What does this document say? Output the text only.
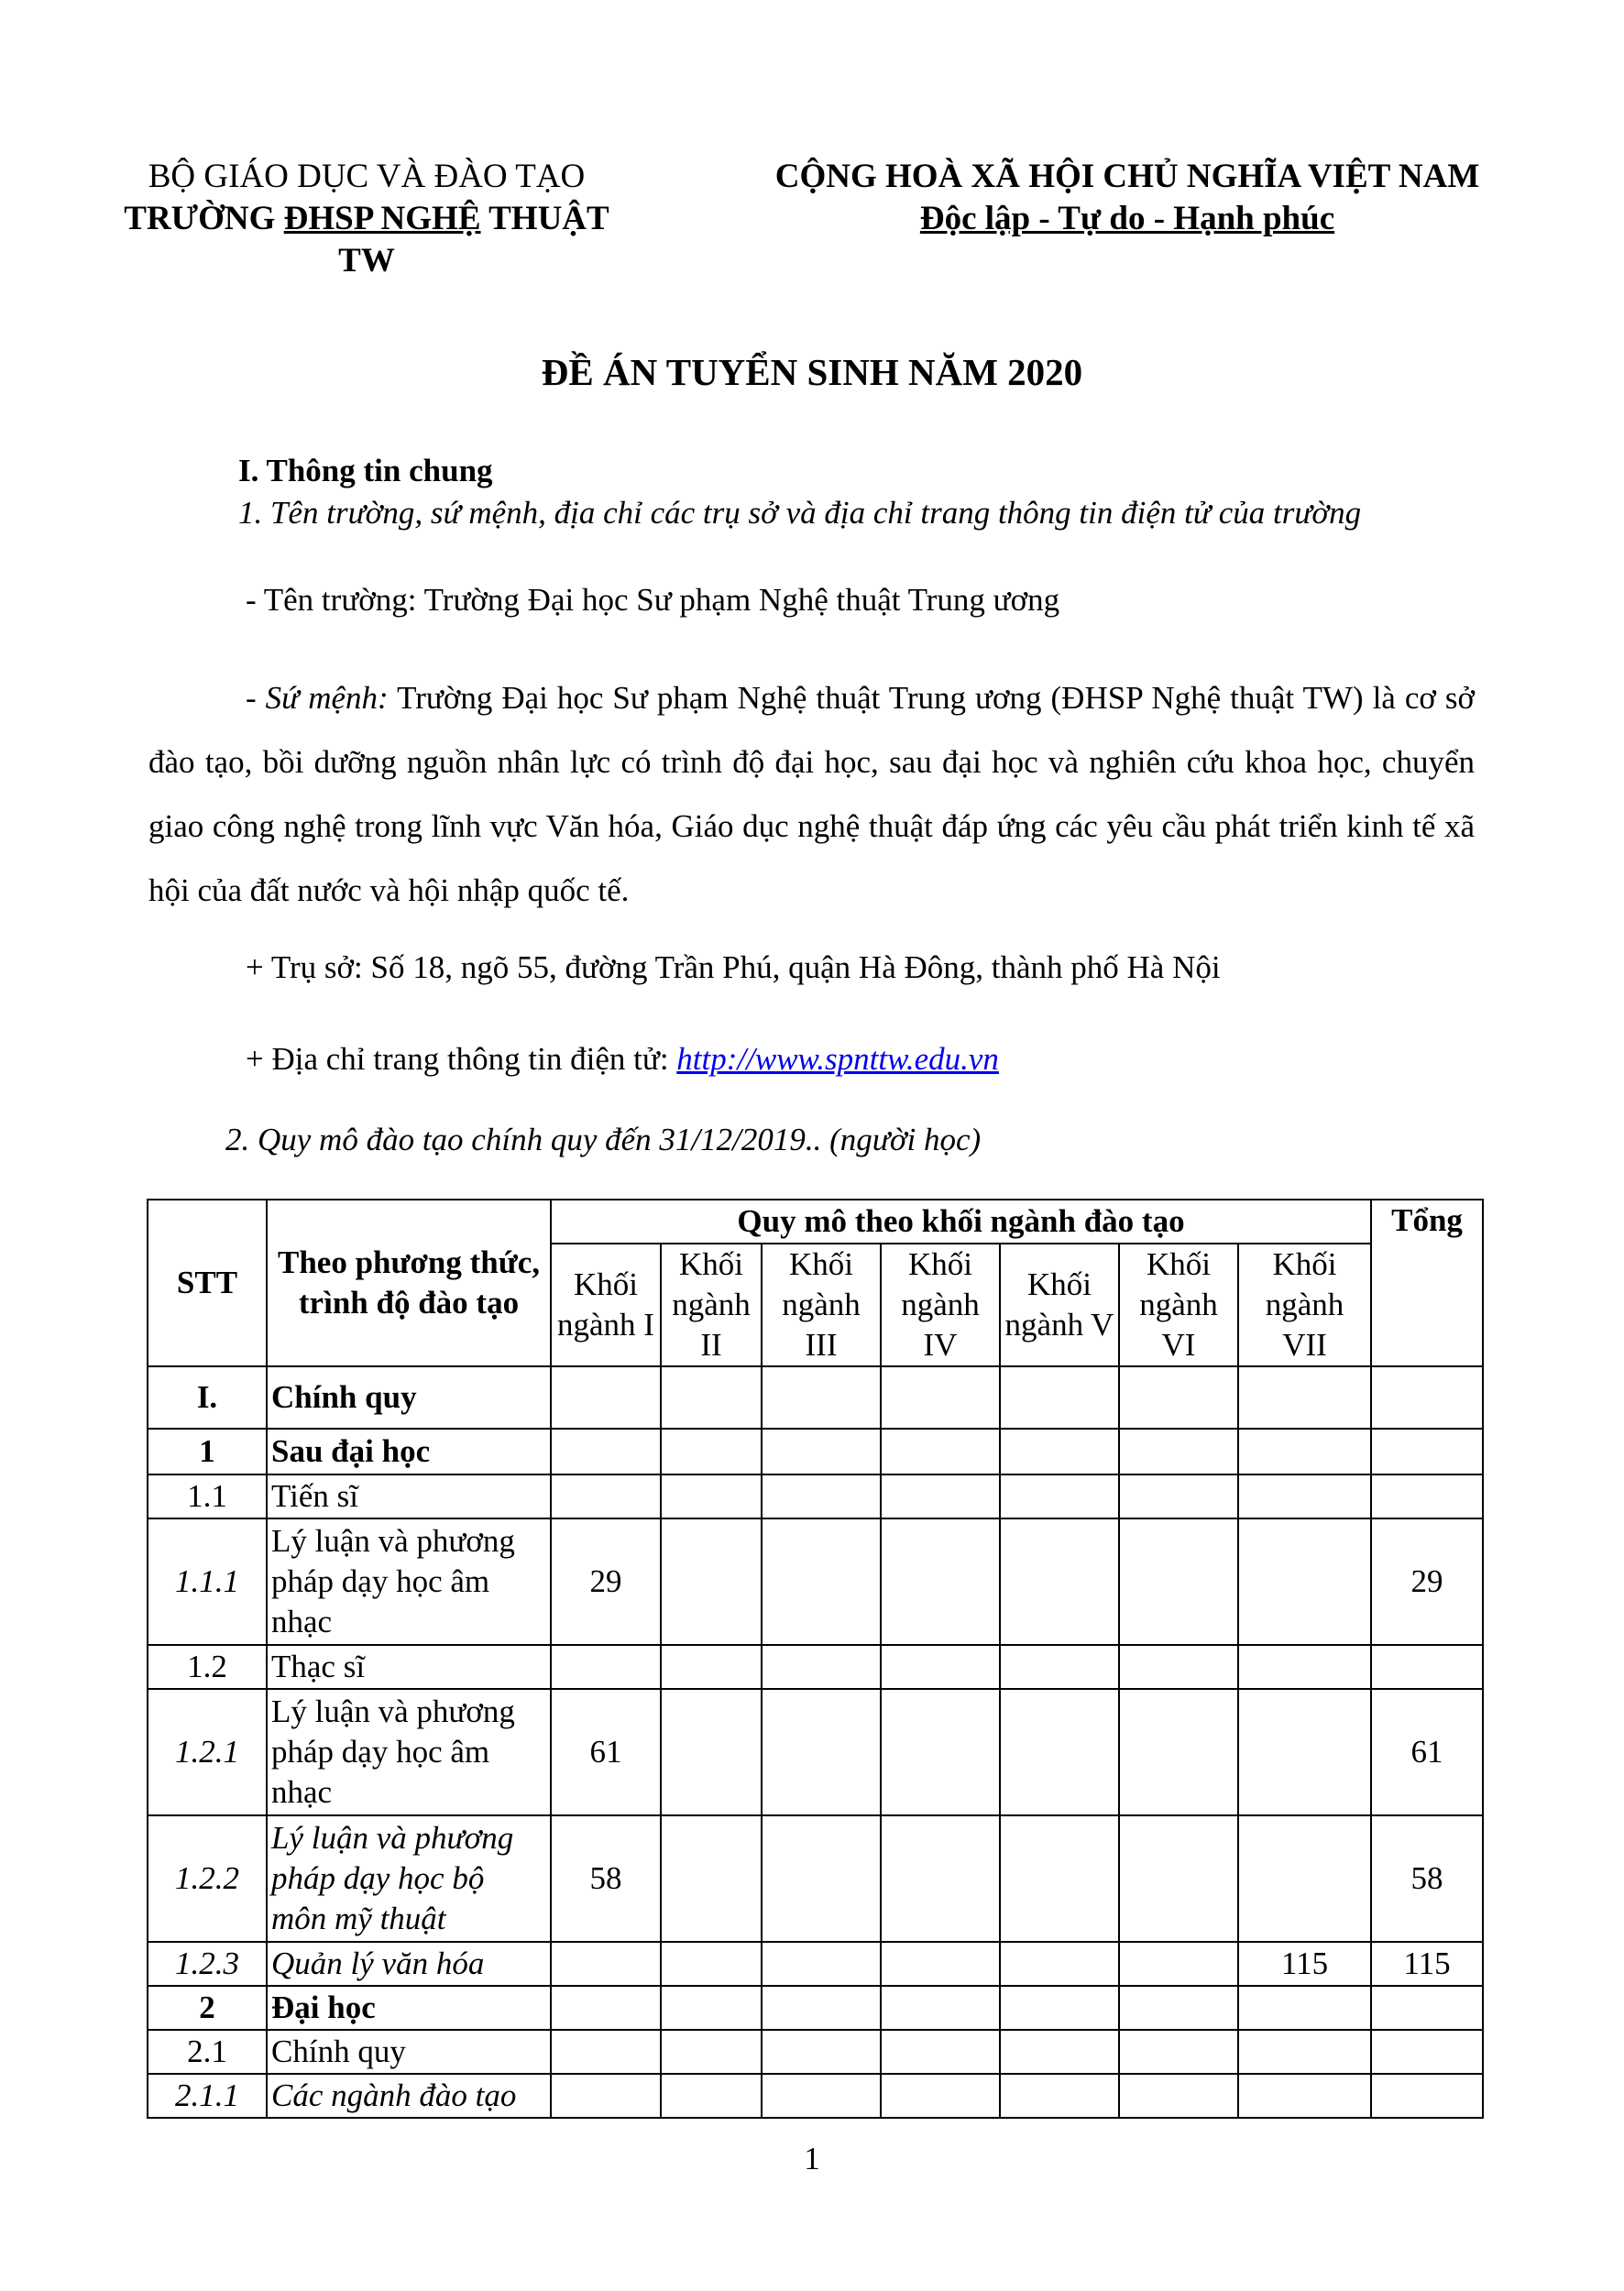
BỘ GIÁO DỤC VÀ ĐÀO TẠO
TRƯỜNG ĐHSP NGHỆ THUẬT TW
CỘNG HOÀ XÃ HỘI CHỦ NGHĨA VIỆT NAM
Độc lập - Tự do - Hạnh phúc
ĐỀ ÁN TUYỂN SINH NĂM 2020
I. Thông tin chung
1. Tên trường, sứ mệnh, địa chỉ các trụ sở và địa chỉ trang thông tin điện tử của trường
- Tên trường: Trường Đại học Sư phạm Nghệ thuật Trung ương
- Sứ mệnh: Trường Đại học Sư phạm Nghệ thuật Trung ương (ĐHSP Nghệ thuật TW) là cơ sở đào tạo, bồi dưỡng nguồn nhân lực có trình độ đại học, sau đại học và nghiên cứu khoa học, chuyển giao công nghệ trong lĩnh vực Văn hóa, Giáo dục nghệ thuật đáp ứng các yêu cầu phát triển kinh tế xã hội của đất nước và hội nhập quốc tế.
+ Trụ sở: Số 18, ngõ 55, đường Trần Phú, quận Hà Đông, thành phố Hà Nội
+ Địa chỉ trang thông tin điện tử: http://www.spnttw.edu.vn
2. Quy mô đào tạo chính quy đến 31/12/2019.. (người học)
STT	Theo phương thức, trình độ đào tạo	Quy mô theo khối ngành đào tạo							Tổng
		Khối ngành I	Khối ngành II	Khối ngành III	Khối ngành IV	Khối ngành V	Khối ngành VI	Khối ngành VII	
I.	Chính quy								
1	Sau đại học								
1.1	Tiến sĩ								
1.1.1	Lý luận và phương pháp dạy học âm nhạc	29							29
1.2	Thạc sĩ								
1.2.1	Lý luận và phương pháp dạy học âm nhạc	61							61
1.2.2	Lý luận và phương pháp dạy học bộ môn mỹ thuật	58							58
1.2.3	Quản lý văn hóa							115	115
2	Đại học								
2.1	Chính quy								
2.1.1	Các ngành đào tạo								
1
